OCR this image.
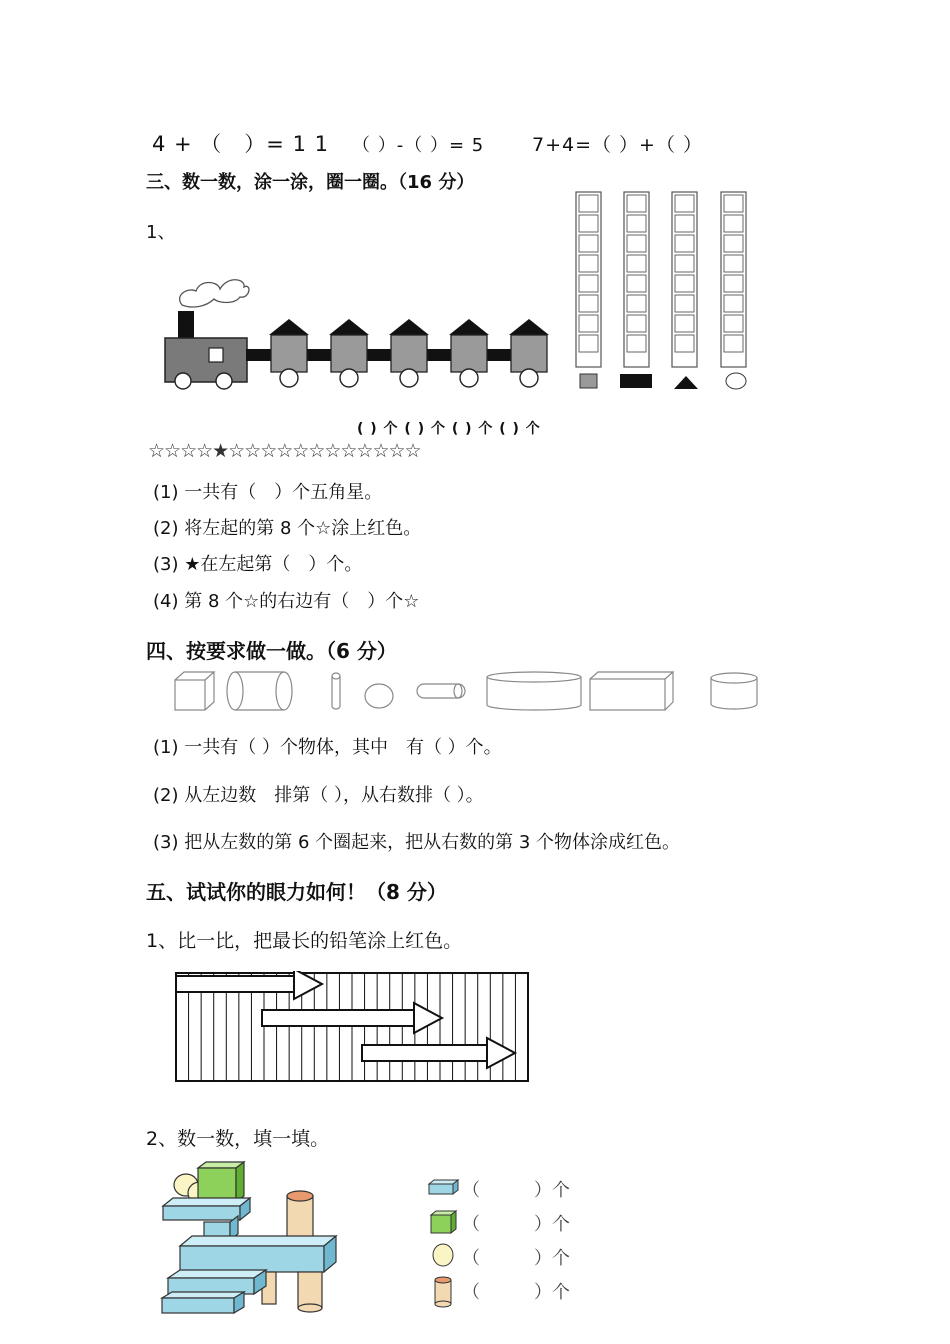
4 + （　）= 1 1 （ ）-（ ）= 5	7+4=（ ）+（ ）
三、数一数，涂一涂，圈一圈。（16 分）
1、
( ) 个 ( ) 个 ( ) 个 ( ) 个
☆☆☆☆★☆☆☆☆☆☆☆☆☆☆☆☆
(1) 一共有（　）个五角星。
(2) 将左起的第 8 个☆涂上红色。
(3) ★在左起第（　）个。
(4) 第 8 个☆的右边有（　）个☆
四、按要求做一做。（6 分）
(1) 一共有（ ）个物体，其中　有（ ）个。
(2) 从左边数　排第（ ），从右数排（ ）。
(3) 把从左数的第 6 个圈起来，把从右数的第 3 个物体涂成红色。
五、试试你的眼力如何！（8 分）
1、比一比，把最长的铅笔涂上红色。
2、数一数，填一填。
（　　　）个
（　　　）个
（　　　）个
（　　　）个
